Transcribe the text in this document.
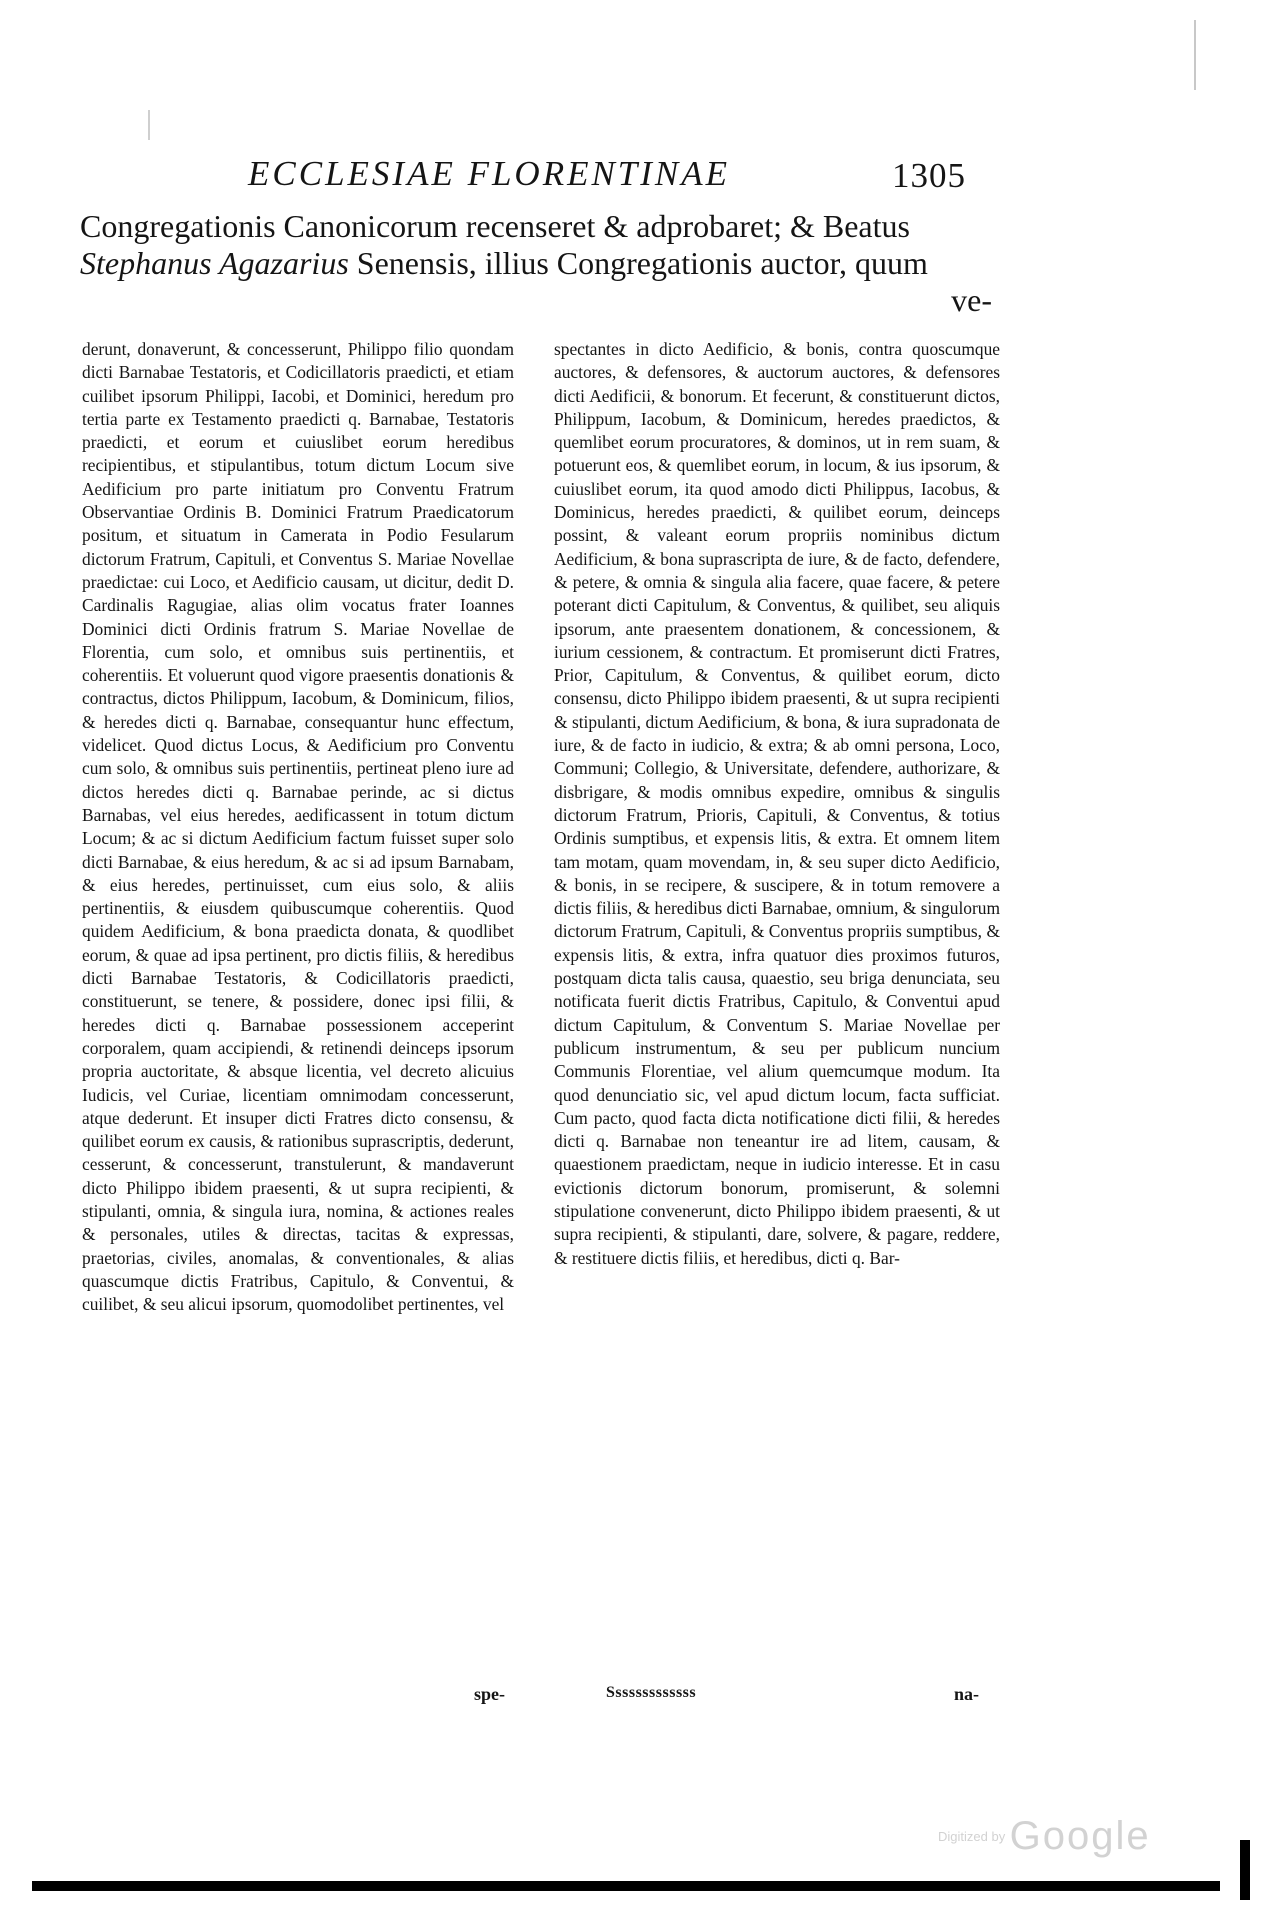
ECCLESIAE FLORENTINAE	1305
Congregationis Canonicorum recenseret & adprobaret; & Beatus
Stephanus Agazarius Senensis, illius Congregationis auctor, quum
ve-

derunt, donaverunt, & concesserunt, Philippo filio quondam dicti Barnabae Testatoris, et Codicillatoris praedicti, et etiam cuilibet ipsorum Philippi, Iacobi, et Dominici, heredum pro tertia parte ex Testamento praedicti q. Barnabae, Testatoris praedicti, et eorum et cuiuslibet eorum heredibus recipientibus, et stipulantibus, totum dictum Locum sive Aedificium pro parte initiatum pro Conventu Fratrum Observantiae Ordinis B. Dominici Fratrum Praedicatorum positum, et situatum in Camerata in Podio Fesularum dictorum Fratrum, Capituli, et Conventus S. Mariae Novellae praedictae: cui Loco, et Aedificio causam, ut dicitur, dedit D. Cardinalis Ragugiae, alias olim vocatus frater Ioannes Dominici dicti Ordinis fratrum S. Mariae Novellae de Florentia, cum solo, et omnibus suis pertinentiis, et coherentiis. Et voluerunt quod vigore praesentis donationis & contractus, dictos Philippum, Iacobum, & Dominicum, filios, & heredes dicti q. Barnabae, consequantur hunc effectum, videlicet. Quod dictus Locus, & Aedificium pro Conventu cum solo, & omnibus suis pertinentiis, pertineat pleno iure ad dictos heredes dicti q. Barnabae perinde, ac si dictus Barnabas, vel eius heredes, aedificassent in totum dictum Locum; & ac si dictum Aedificium factum fuisset super solo dicti Barnabae, & eius heredum, & ac si ad ipsum Barnabam, & eius heredes, pertinuisset, cum eius solo, & aliis pertinentiis, & eiusdem quibuscumque coherentiis. Quod quidem Aedificium, & bona praedicta donata, & quodlibet eorum, & quae ad ipsa pertinent, pro dictis filiis, & heredibus dicti Barnabae Testatoris, & Codicillatoris praedicti, constituerunt, se tenere, & possidere, donec ipsi filii, & heredes dicti q. Barnabae possessionem acceperint corporalem, quam accipiendi, & retinendi deinceps ipsorum propria auctoritate, & absque licentia, vel decreto alicuius Iudicis, vel Curiae, licentiam omnimodam concesserunt, atque dederunt. Et insuper dicti Fratres dicto consensu, & quilibet eorum ex causis, & rationibus suprascriptis, dederunt, cesserunt, & concesserunt, transtulerunt, & mandaverunt dicto Philippo ibidem praesenti, & ut supra recipienti, & stipulanti, omnia, & singula iura, nomina, & actiones reales & personales, utiles & directas, tacitas & expressas, praetorias, civiles, anomalas, & conventionales, & alias quascumque dictis Fratribus, Capitulo, & Conventui, & cuilibet, & seu alicui ipsorum, quomodolibet pertinentes, vel

spectantes in dicto Aedificio, & bonis, contra quoscumque auctores, & defensores, & auctorum auctores, & defensores dicti Aedificii, & bonorum. Et fecerunt, & constituerunt dictos, Philippum, Iacobum, & Dominicum, heredes praedictos, & quemlibet eorum procuratores, & dominos, ut in rem suam, & potuerunt eos, & quemlibet eorum, in locum, & ius ipsorum, & cuiuslibet eorum, ita quod amodo dicti Philippus, Iacobus, & Dominicus, heredes praedicti, & quilibet eorum, deinceps possint, & valeant eorum propriis nominibus dictum Aedificium, & bona suprascripta de iure, & de facto, defendere, & petere, & omnia & singula alia facere, quae facere, & petere poterant dicti Capitulum, & Conventus, & quilibet, seu aliquis ipsorum, ante praesentem donationem, & concessionem, & iurium cessionem, & contractum. Et promiserunt dicti Fratres, Prior, Capitulum, & Conventus, & quilibet eorum, dicto consensu, dicto Philippo ibidem praesenti, & ut supra recipienti & stipulanti, dictum Aedificium, & bona, & iura supradonata de iure, & de facto in iudicio, & extra; & ab omni persona, Loco, Communi; Collegio, & Universitate, defendere, authorizare, & disbrigare, & modis omnibus expedire, omnibus & singulis dictorum Fratrum, Prioris, Capituli, & Conventus, & totius Ordinis sumptibus, et expensis litis, & extra. Et omnem litem tam motam, quam movendam, in, & seu super dicto Aedificio, & bonis, in se recipere, & suscipere, & in totum removere a dictis filiis, & heredibus dicti Barnabae, omnium, & singulorum dictorum Fratrum, Capituli, & Conventus propriis sumptibus, & expensis litis, & extra, infra quatuor dies proximos futuros, postquam dicta talis causa, quaestio, seu briga denunciata, seu notificata fuerit dictis Fratribus, Capitulo, & Conventui apud dictum Capitulum, & Conventum S. Mariae Novellae per publicum instrumentum, & seu per publicum nuncium Communis Florentiae, vel alium quemcumque modum. Ita quod denunciatio sic, vel apud dictum locum, facta sufficiat. Cum pacto, quod facta dicta notificatione dicti filii, & heredes dicti q. Barnabae non teneantur ire ad litem, causam, & quaestionem praedictam, neque in iudicio interesse. Et in casu evictionis dictorum bonorum, promiserunt, & solemni stipulatione convenerunt, dicto Philippo ibidem praesenti, & ut supra recipienti, & stipulanti, dare, solvere, & pagare, reddere, & restituere dictis filiis, et heredibus, dicti q. Bar-

spe-	Sssssssssssss	na-
Digitized by Google
